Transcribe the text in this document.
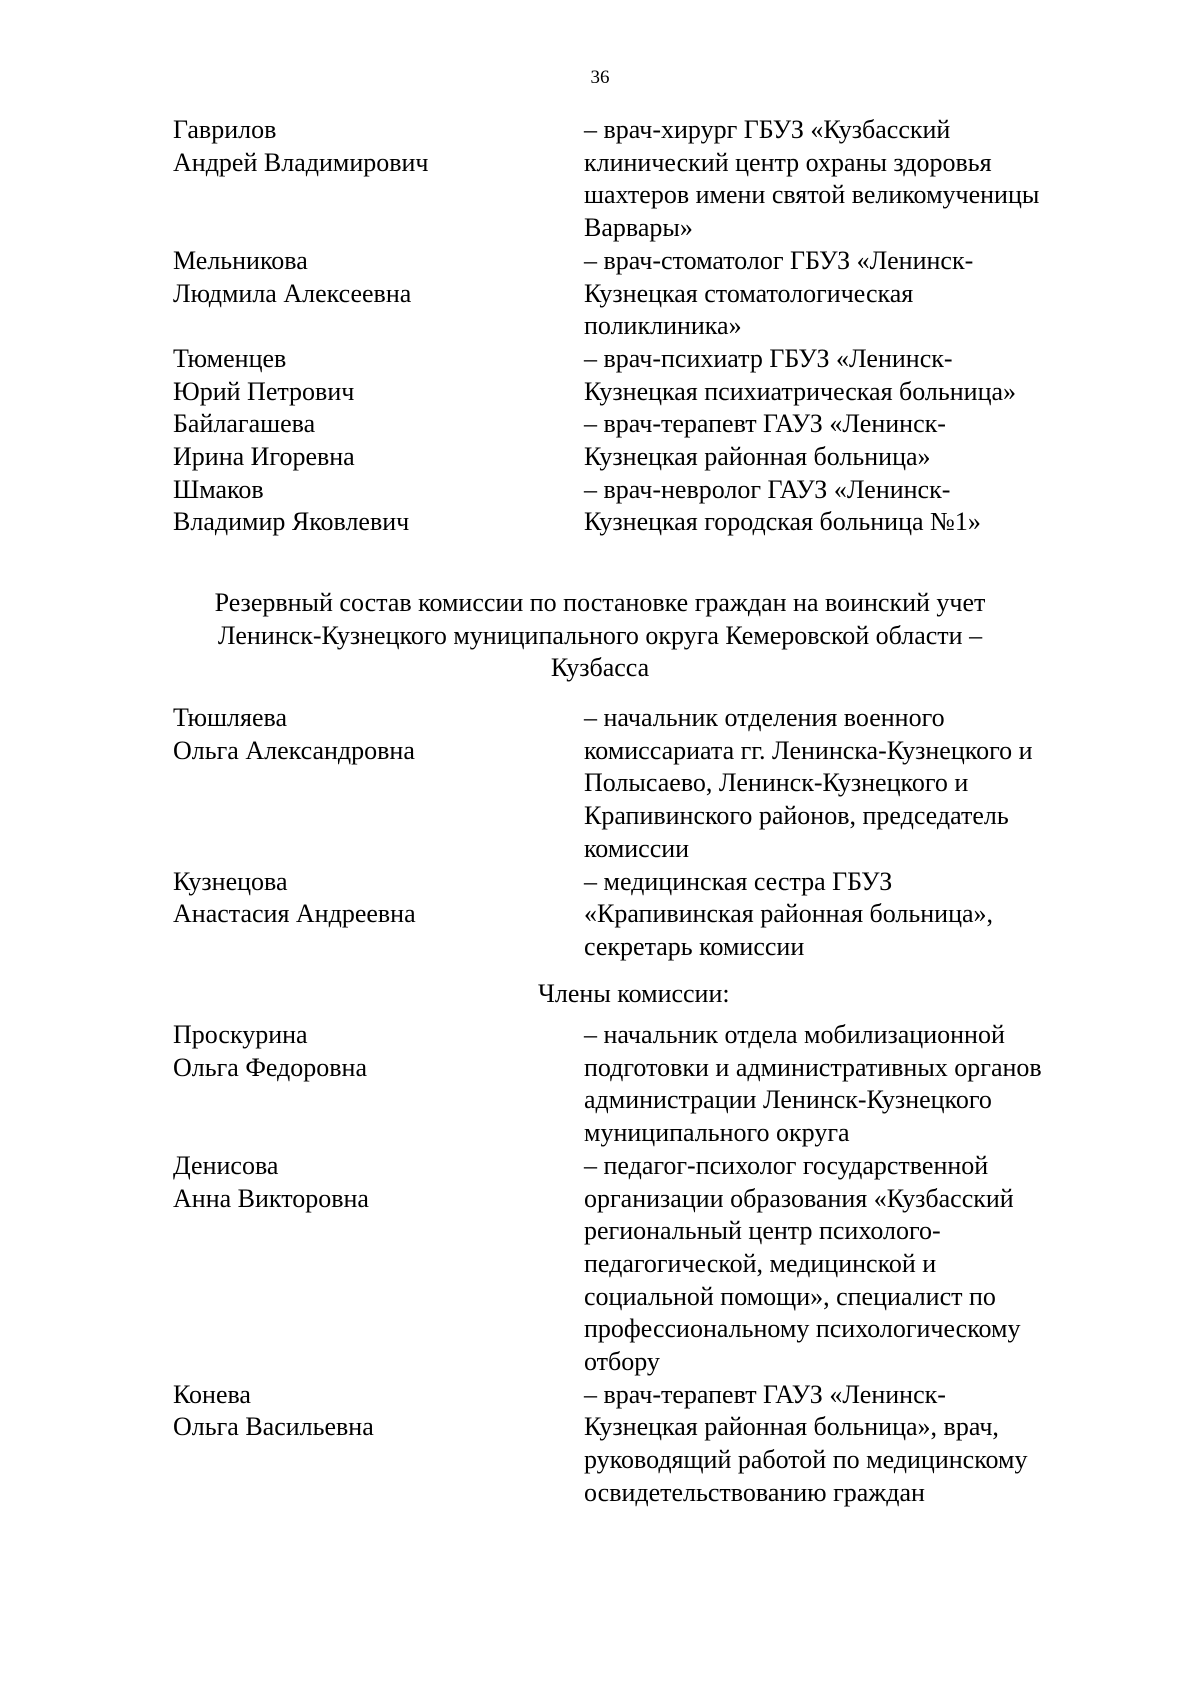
36
Гаврилов
Андрей Владимирович
– врач-хирург ГБУЗ «Кузбасский
клинический центр охраны здоровья
шахтеров имени святой великомученицы
Варвары»
Мельникова
Людмила Алексеевна
– врач-стоматолог ГБУЗ «Ленинск-
Кузнецкая стоматологическая
поликлиника»
Тюменцев
Юрий Петрович
– врач-психиатр ГБУЗ «Ленинск-
Кузнецкая психиатрическая больница»
Байлагашева
Ирина Игоревна
– врач-терапевт ГАУЗ «Ленинск-
Кузнецкая районная больница»
Шмаков
Владимир Яковлевич
– врач-невролог ГАУЗ «Ленинск-
Кузнецкая городская больница №1»
Резервный состав комиссии по постановке граждан на воинский учет
Ленинск-Кузнецкого муниципального округа Кемеровской области –
Кузбасса
Тюшляева
Ольга Александровна
– начальник отделения военного
комиссариата гг. Ленинска-Кузнецкого и
Полысаево, Ленинск-Кузнецкого и
Крапивинского районов, председатель
комиссии
Кузнецова
Анастасия Андреевна
– медицинская сестра ГБУЗ
«Крапивинская районная больница»,
секретарь комиссии
Члены комиссии:
Проскурина
Ольга Федоровна
– начальник отдела мобилизационной
подготовки и административных органов
администрации Ленинск-Кузнецкого
муниципального округа
Денисова
Анна Викторовна
– педагог-психолог государственной
организации образования «Кузбасский
региональный центр психолого-
педагогической, медицинской и
социальной помощи», специалист по
профессиональному психологическому
отбору
Конева
Ольга Васильевна
– врач-терапевт ГАУЗ «Ленинск-
Кузнецкая районная больница», врач,
руководящий работой по медицинскому
освидетельствованию граждан
